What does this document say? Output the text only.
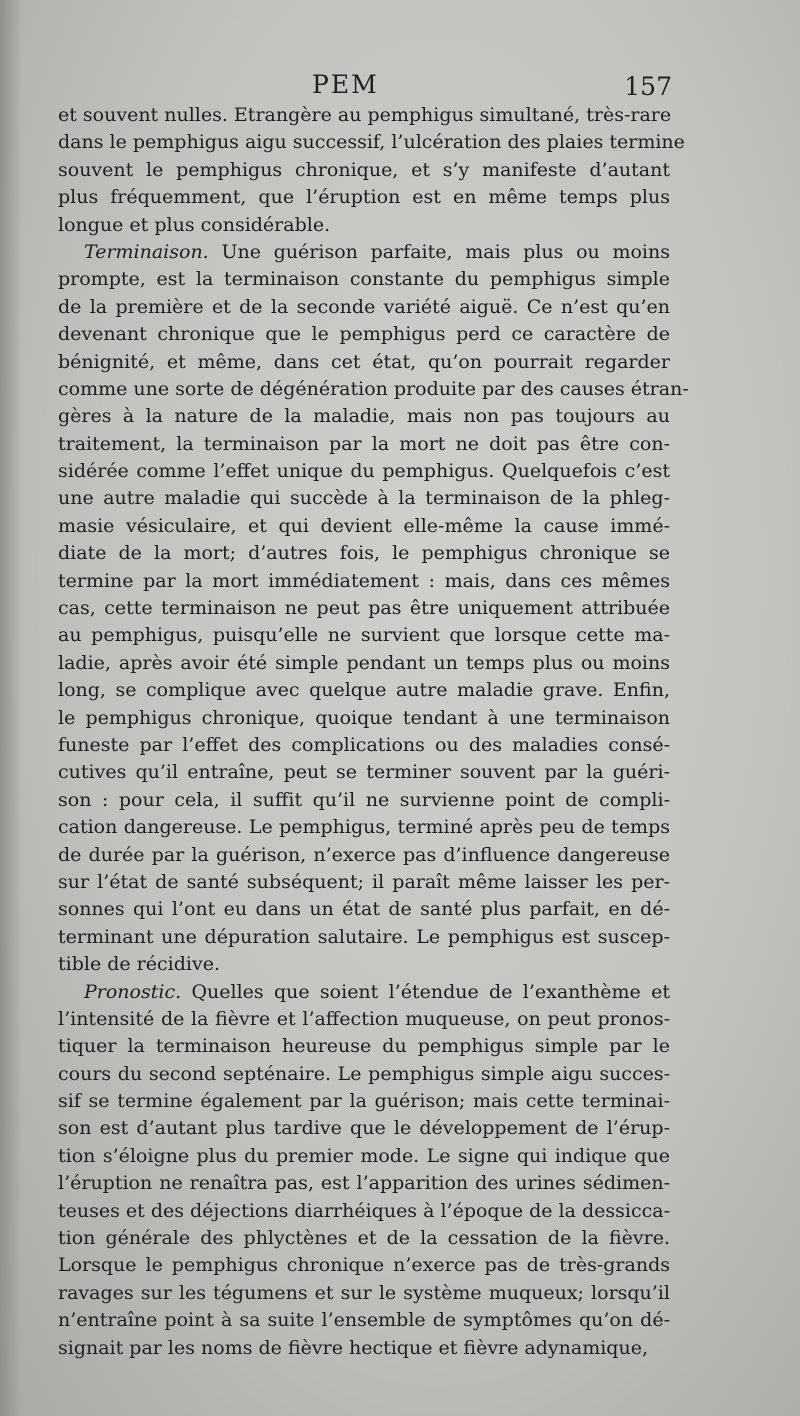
PEM	157
et souvent nulles. Etrangère au pemphigus simultané, très-rare
dans le pemphigus aigu successif, l’ulcération des plaies termine
souvent le pemphigus chronique, et s’y manifeste d’autant
plus fréquemment, que l’éruption est en même temps plus
longue et plus considérable.
Terminaison. Une guérison parfaite, mais plus ou moins
prompte, est la terminaison constante du pemphigus simple
de la première et de la seconde variété aiguë. Ce n’est qu’en
devenant chronique que le pemphigus perd ce caractère de
bénignité, et même, dans cet état, qu’on pourrait regarder
comme une sorte de dégénération produite par des causes étran-
gères à la nature de la maladie, mais non pas toujours au
traitement, la terminaison par la mort ne doit pas être con-
sidérée comme l’effet unique du pemphigus. Quelquefois c’est
une autre maladie qui succède à la terminaison de la phleg-
masie vésiculaire, et qui devient elle-même la cause immé-
diate de la mort; d’autres fois, le pemphigus chronique se
termine par la mort immédiatement : mais, dans ces mêmes
cas, cette terminaison ne peut pas être uniquement attribuée
au pemphigus, puisqu’elle ne survient que lorsque cette ma-
ladie, après avoir été simple pendant un temps plus ou moins
long, se complique avec quelque autre maladie grave. Enfin,
le pemphigus chronique, quoique tendant à une terminaison
funeste par l’effet des complications ou des maladies consé-
cutives qu’il entraîne, peut se terminer souvent par la guéri-
son : pour cela, il suffit qu’il ne survienne point de compli-
cation dangereuse. Le pemphigus, terminé après peu de temps
de durée par la guérison, n’exerce pas d’influence dangereuse
sur l’état de santé subséquent; il paraît même laisser les per-
sonnes qui l’ont eu dans un état de santé plus parfait, en dé-
terminant une dépuration salutaire. Le pemphigus est suscep-
tible de récidive.
Pronostic. Quelles que soient l’étendue de l’exanthème et
l’intensité de la fièvre et l’affection muqueuse, on peut pronos-
tiquer la terminaison heureuse du pemphigus simple par le
cours du second septénaire. Le pemphigus simple aigu succes-
sif se termine également par la guérison; mais cette terminai-
son est d’autant plus tardive que le développement de l’érup-
tion s’éloigne plus du premier mode. Le signe qui indique que
l’éruption ne renaîtra pas, est l’apparition des urines sédimen-
teuses et des déjections diarrhéiques à l’époque de la dessicca-
tion générale des phlyctènes et de la cessation de la fièvre.
Lorsque le pemphigus chronique n’exerce pas de très-grands
ravages sur les tégumens et sur le système muqueux; lorsqu’il
n’entraîne point à sa suite l’ensemble de symptômes qu’on dé-
signait par les noms de fièvre hectique et fièvre adynamique,
